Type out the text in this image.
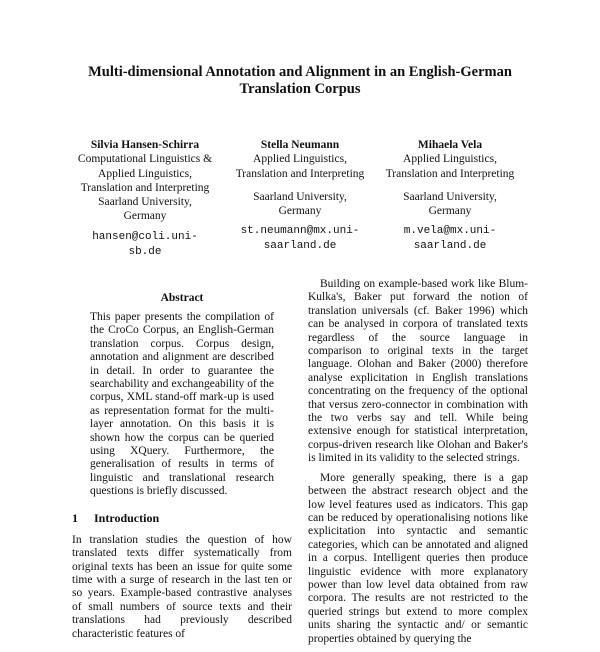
Multi-dimensional Annotation and Alignment in an English-German Translation Corpus
Silvia Hansen-Schirra
Computational Linguistics &
Applied Linguistics,
Translation and Interpreting
Saarland University,
Germany
hansen@coli.uni-
sb.de
Stella Neumann
Applied Linguistics,
Translation and Interpreting
Saarland University,
Germany
st.neumann@mx.uni-
saarland.de
Mihaela Vela
Applied Linguistics,
Translation and Interpreting
Saarland University,
Germany
m.vela@mx.uni-
saarland.de
Abstract

This paper presents the compilation of the CroCo Corpus, an English-German translation corpus. Corpus design, annotation and alignment are described in detail. In order to guarantee the searchability and exchangeability of the corpus, XML stand-off mark-up is used as representation format for the multi-layer annotation. On this basis it is shown how the corpus can be queried using XQuery. Furthermore, the generalisation of results in terms of linguistic and translational research questions is briefly discussed.

1 Introduction

In translation studies the question of how translated texts differ systematically from original texts has been an issue for quite some time with a surge of research in the last ten or so years. Example-based contrastive analyses of small numbers of source texts and their translations had previously described characteristic features of

Building on example-based work like Blum-Kulka's, Baker put forward the notion of translation universals (cf. Baker 1996) which can be analysed in corpora of translated texts regardless of the source language in comparison to original texts in the target language. Olohan and Baker (2000) therefore analyse explicitation in English translations concentrating on the frequency of the optional that versus zero-connector in combination with the two verbs say and tell. While being extensive enough for statistical interpretation, corpus-driven research like Olohan and Baker's is limited in its validity to the selected strings.

More generally speaking, there is a gap between the abstract research object and the low level features used as indicators. This gap can be reduced by operationalising notions like explicitation into syntactic and semantic categories, which can be annotated and aligned in a corpus. Intelligent queries then produce linguistic evidence with more explanatory power than low level data obtained from raw corpora. The results are not restricted to the queried strings but extend to more complex units sharing the syntactic and/ or semantic properties obtained by querying the
